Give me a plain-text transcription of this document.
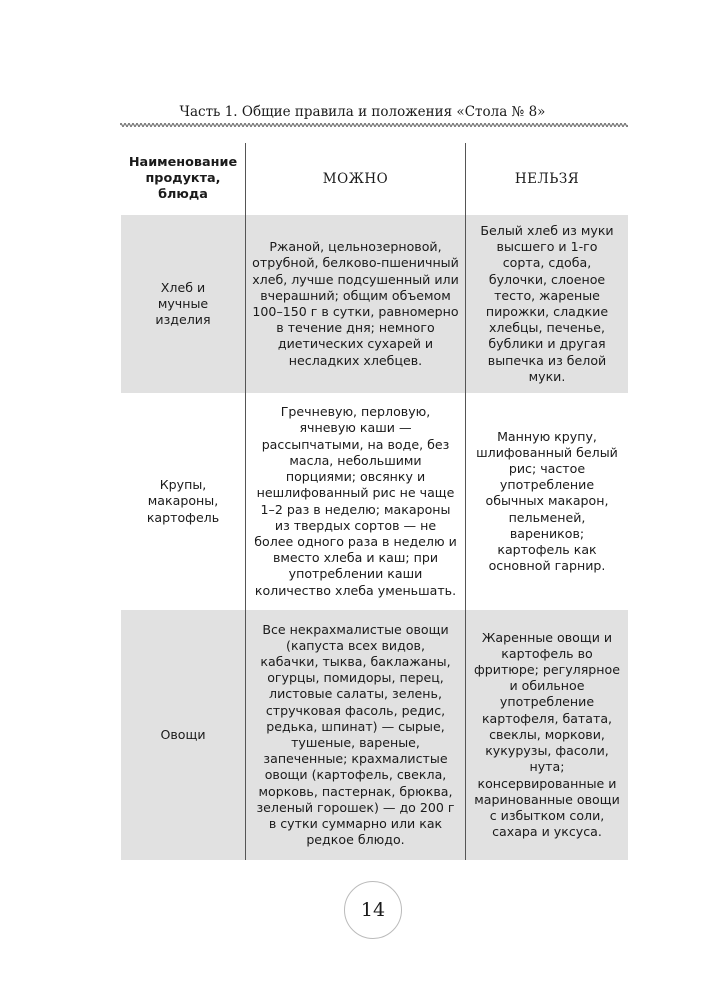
Часть 1. Общие правила и положения «Стола № 8»
Наименование продукта, блюда
МОЖНО	НЕЛЬЗЯ
Хлеб и мучные изделия
Ржаной, цельнозерновой, отрубной, белково-пшеничный хлеб, лучше подсушенный или вчерашний; общим объемом 100–150 г в сутки, равномерно в течение дня; немного диетических сухарей и несладких хлебцев.
Белый хлеб из муки высшего и 1-го сорта, сдоба, булочки, слоеное тесто, жареные пирожки, сладкие хлебцы, печенье, бублики и другая выпечка из белой муки.
Крупы, макароны, картофель
Гречневую, перловую, ячневую каши — рассыпчатыми, на воде, без масла, небольшими порциями; овсянку и нешлифованный рис не чаще 1–2 раз в неделю; макароны из твердых сортов — не более одного раза в неделю и вместо хлеба и каш; при употреблении каши количество хлеба уменьшать.
Манную крупу, шлифованный белый рис; частое употребление обычных макарон, пельменей, вареников; картофель как основной гарнир.
Овощи
Все некрахмалистые овощи (капуста всех видов, кабачки, тыква, баклажаны, огурцы, помидоры, перец, листовые салаты, зелень, стручковая фасоль, редис, редька, шпинат) — сырые, тушеные, вареные, запеченные; крахмалистые овощи (картофель, свекла, морковь, пастернак, брюква, зеленый горошек) — до 200 г в сутки суммарно или как редкое блюдо.
Жаренные овощи и картофель во фритюре; регулярное и обильное употребление картофеля, батата, свеклы, моркови, кукурузы, фасоли, нута; консервированные и маринованные овощи с избытком соли, сахара и уксуса.
14
